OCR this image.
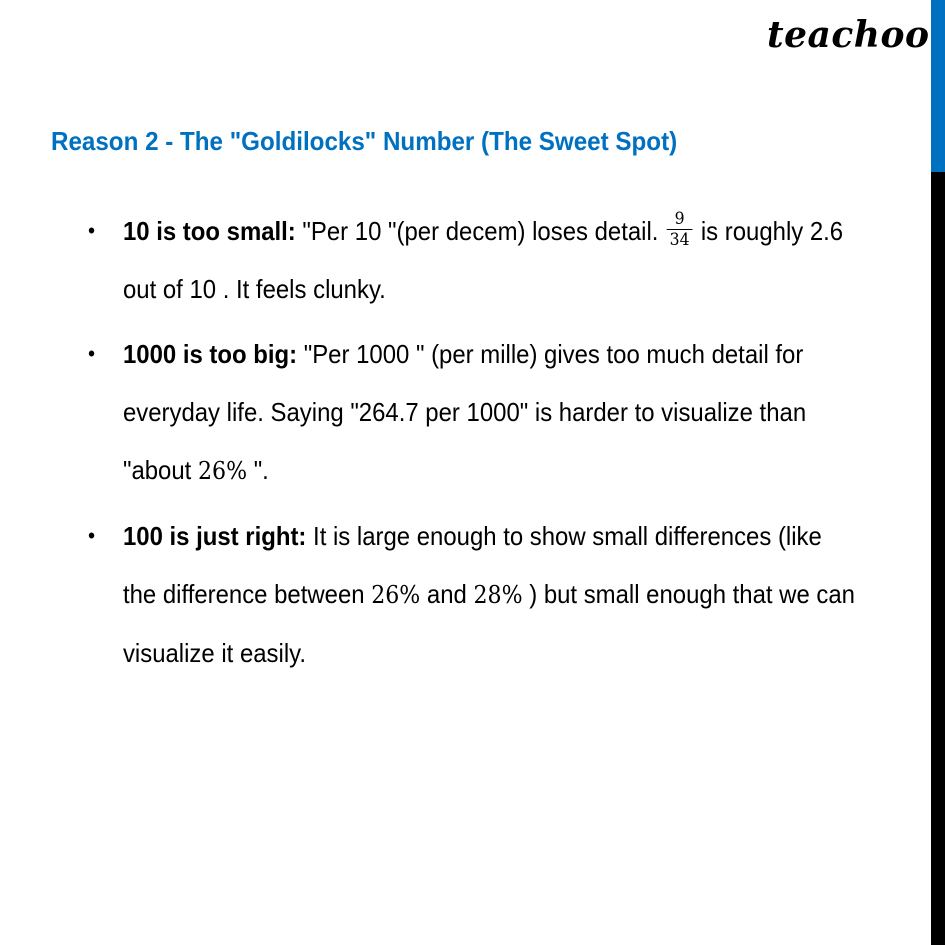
teachoo
Reason 2 - The "Goldilocks" Number (The Sweet Spot)
• 10 is too small: "Per 10 "(per decem) loses detail. $\frac{9}{34}$ is roughly 2.6 out of 10 . It feels clunky.
• 1000 is too big: "Per 1000 " (per mille) gives too much detail for everyday life. Saying "264.7 per 1000" is harder to visualize than "about 26% ".
• 100 is just right: It is large enough to show small differences (like the difference between 26% and 28% ) but small enough that we can visualize it easily.
